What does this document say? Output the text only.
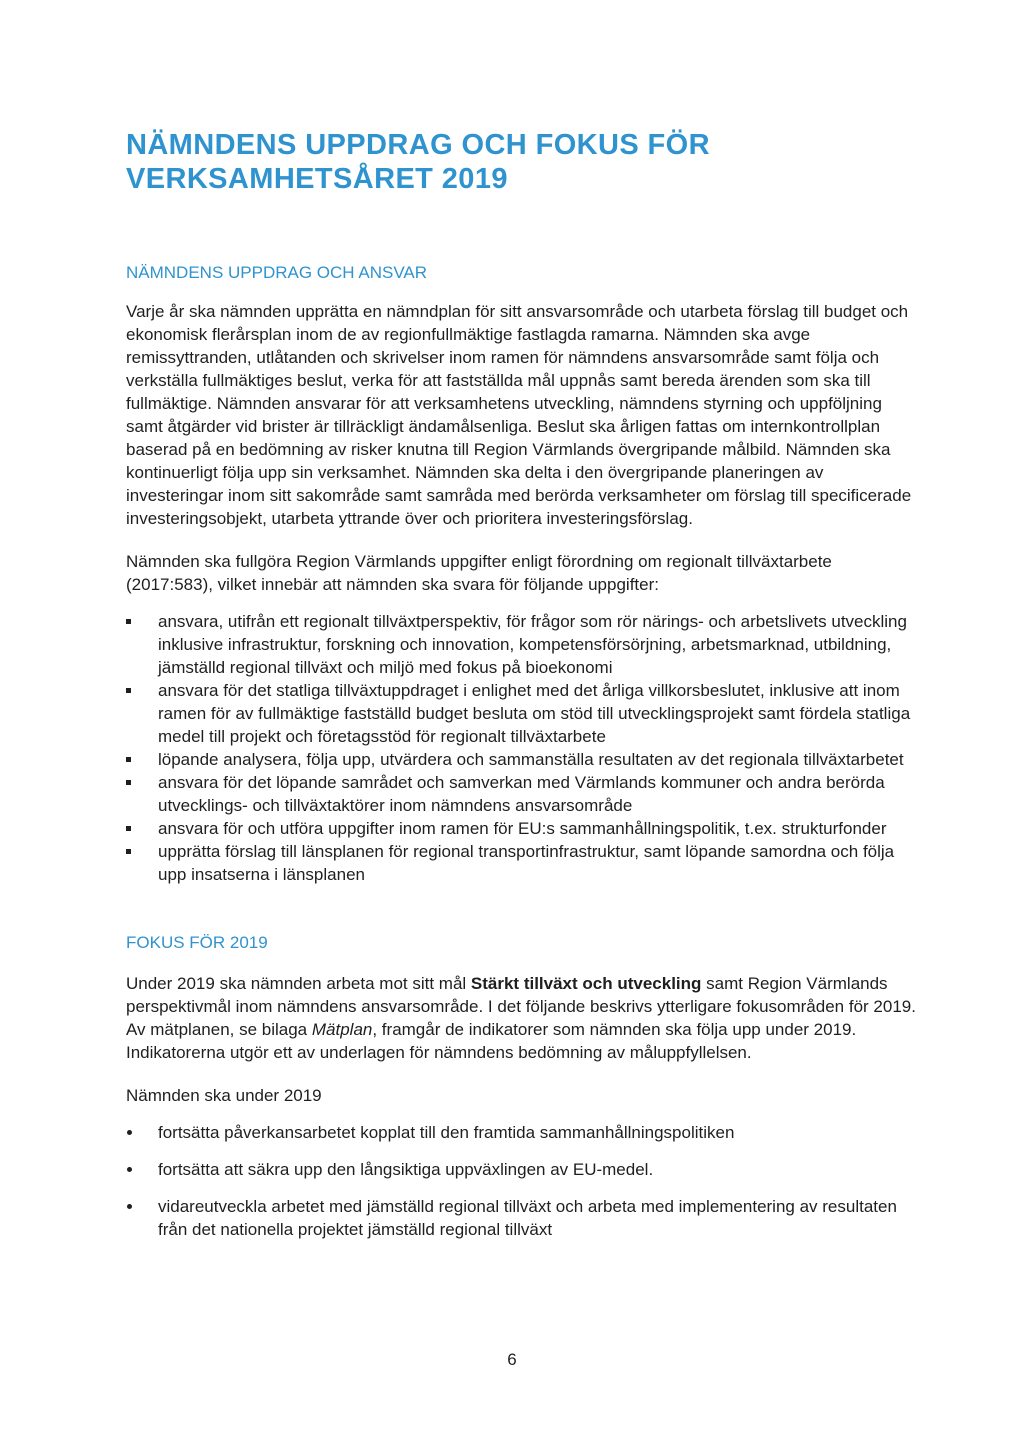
NÄMNDENS UPPDRAG OCH FOKUS FÖR VERKSAMHETSÅRET 2019
NÄMNDENS UPPDRAG OCH ANSVAR

Varje år ska nämnden upprätta en nämndplan för sitt ansvarsområde och utarbeta förslag till budget och ekonomisk flerårsplan inom de av regionfullmäktige fastlagda ramarna. Nämnden ska avge remissyttranden, utlåtanden och skrivelser inom ramen för nämndens ansvarsområde samt följa och verkställa fullmäktiges beslut, verka för att fastställda mål uppnås samt bereda ärenden som ska till fullmäktige. Nämnden ansvarar för att verksamhetens utveckling, nämndens styrning och uppföljning samt åtgärder vid brister är tillräckligt ändamålsenliga. Beslut ska årligen fattas om internkontrollplan baserad på en bedömning av risker knutna till Region Värmlands övergripande målbild. Nämnden ska kontinuerligt följa upp sin verksamhet. Nämnden ska delta i den övergripande planeringen av investeringar inom sitt sakområde samt samråda med berörda verksamheter om förslag till specificerade investeringsobjekt, utarbeta yttrande över och prioritera investeringsförslag.

Nämnden ska fullgöra Region Värmlands uppgifter enligt förordning om regionalt tillväxtarbete (2017:583), vilket innebär att nämnden ska svara för följande uppgifter:

ansvara, utifrån ett regionalt tillväxtperspektiv, för frågor som rör närings- och arbetslivets utveckling inklusive infrastruktur, forskning och innovation, kompetensförsörjning, arbetsmarknad, utbildning, jämställd regional tillväxt och miljö med fokus på bioekonomi
ansvara för det statliga tillväxtuppdraget i enlighet med det årliga villkorsbeslutet, inklusive att inom ramen för av fullmäktige fastställd budget besluta om stöd till utvecklingsprojekt samt fördela statliga medel till projekt och företagsstöd för regionalt tillväxtarbete
löpande analysera, följa upp, utvärdera och sammanställa resultaten av det regionala tillväxtarbetet
ansvara för det löpande samrådet och samverkan med Värmlands kommuner och andra berörda utvecklings- och tillväxtaktörer inom nämndens ansvarsområde
ansvara för och utföra uppgifter inom ramen för EU:s sammanhållningspolitik, t.ex. strukturfonder
upprätta förslag till länsplanen för regional transportinfrastruktur, samt löpande samordna och följa upp insatserna i länsplanen
FOKUS FÖR 2019

Under 2019 ska nämnden arbeta mot sitt mål Stärkt tillväxt och utveckling samt Region Värmlands perspektivmål inom nämndens ansvarsområde. I det följande beskrivs ytterligare fokusområden för 2019. Av mätplanen, se bilaga Mätplan, framgår de indikatorer som nämnden ska följa upp under 2019. Indikatorerna utgör ett av underlagen för nämndens bedömning av måluppfyllelsen.

Nämnden ska under 2019

fortsätta påverkansarbetet kopplat till den framtida sammanhållningspolitiken
fortsätta att säkra upp den långsiktiga uppväxlingen av EU-medel.
vidareutveckla arbetet med jämställd regional tillväxt och arbeta med implementering av resultaten från det nationella projektet jämställd regional tillväxt
6
